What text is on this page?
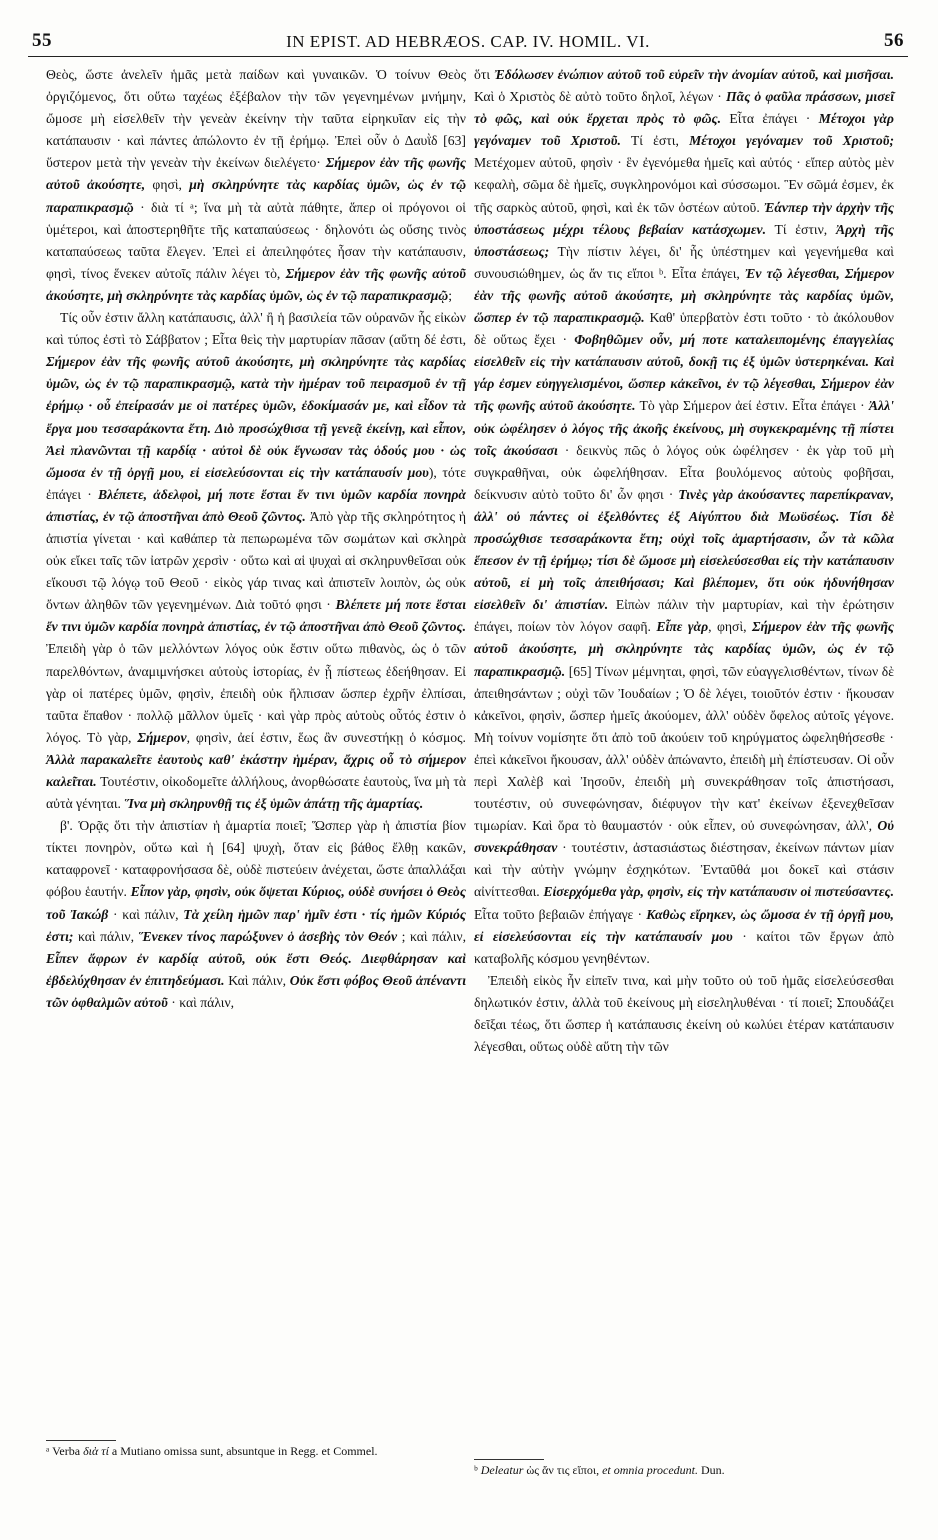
55	IN EPIST. AD HEBRÆOS. CAP. IV. HOMIL. VI.	56

Θεὸς, ὥστε ἀνελεῖν ἡμᾶς μετὰ παίδων καὶ γυναικῶν. Ὁ τοίνυν Θεὸς ὀργιζόμενος, ὅτι οὕτω ταχέως ἐξέβαλον τὴν τῶν γεγενημένων μνήμην, ὤμοσε μὴ εἰσελθεῖν τὴν γενεὰν ἐκείνην τὴν ταῦτα εἰρηκυῖαν εἰς τὴν κατάπαυσιν · καὶ πάντες ἀπώλοντο ἐν τῇ ἐρήμῳ. Ἐπεὶ οὖν ὁ Δαυῒδ [63] ὕστερον μετὰ τὴν γενεὰν τὴν ἐκείνων διελέγετο· Σήμερον ἐὰν τῆς φωνῆς αὐτοῦ ἀκούσητε, φησὶ, μὴ σκληρύνητε τὰς καρδίας ὑμῶν, ὡς ἐν τῷ παραπικρασμῷ · διὰ τί ᵃ; ἵνα μὴ τὰ αὐτὰ πάθητε, ἅπερ οἱ πρόγονοι οἱ ὑμέτεροι, καὶ ἀποστερηθῆτε τῆς καταπαύσεως · δηλονότι ὡς οὔσης τινὸς καταπαύσεως ταῦτα ἔλεγεν. Ἐπεὶ εἰ ἀπειληφότες ἦσαν τὴν κατάπαυσιν, φησὶ, τίνος ἕνεκεν αὐτοῖς πάλιν λέγει τὸ, Σήμερον ἐὰν τῆς φωνῆς αὐτοῦ ἀκούσητε, μὴ σκληρύνητε τὰς καρδίας ὑμῶν, ὡς ἐν τῷ παραπικρασμῷ;

Τίς οὖν ἐστιν ἄλλη κατάπαυσις, ἀλλ' ἢ ἡ βασιλεία τῶν οὐρανῶν ἧς εἰκὼν καὶ τύπος ἐστὶ τὸ Σάββατον ; Εἶτα θεὶς τὴν μαρτυρίαν πᾶσαν (αὕτη δέ ἐστι, Σήμερον ἐὰν τῆς φωνῆς αὐτοῦ ἀκούσητε, μὴ σκληρύνητε τὰς καρδίας ὑμῶν, ὡς ἐν τῷ παραπικρασμῷ, κατὰ τὴν ἡμέραν τοῦ πειρασμοῦ ἐν τῇ ἐρήμῳ · οὗ ἐπείρασάν με οἱ πατέρες ὑμῶν, ἐδοκίμασάν με, καὶ εἶδον τὰ ἔργα μου τεσσαράκοντα ἔτη. Διὸ προσώχθισα τῇ γενεᾷ ἐκείνῃ, καὶ εἶπον, Ἀεὶ πλανῶνται τῇ καρδίᾳ · αὐτοὶ δὲ οὐκ ἔγνωσαν τὰς ὁδούς μου · ὡς ὤμοσα ἐν τῇ ὀργῇ μου, εἰ εἰσελεύσονται εἰς τὴν κατάπαυσίν μου), τότε ἐπάγει · Βλέπετε, ἀδελφοὶ, μή ποτε ἔσται ἔν τινι ὑμῶν καρδία πονηρὰ ἀπιστίας, ἐν τῷ ἀποστῆναι ἀπὸ Θεοῦ ζῶντος. Ἀπὸ γὰρ τῆς σκληρότητος ἡ ἀπιστία γίνεται · καὶ καθάπερ τὰ πεπωρωμένα τῶν σωμάτων καὶ σκληρὰ οὐκ εἴκει ταῖς τῶν ἰατρῶν χερσὶν · οὕτω καὶ αἱ ψυχαὶ αἱ σκληρυνθεῖσαι οὐκ εἴκουσι τῷ λόγῳ τοῦ Θεοῦ · εἰκὸς γάρ τινας καὶ ἀπιστεῖν λοιπὸν, ὡς οὐκ ὄντων ἀληθῶν τῶν γεγενημένων. Διὰ τοῦτό φησι · Βλέπετε μή ποτε ἔσται ἔν τινι ὑμῶν καρδία πονηρὰ ἀπιστίας, ἐν τῷ ἀποστῆναι ἀπὸ Θεοῦ ζῶντος. Ἐπειδὴ γὰρ ὁ τῶν μελλόντων λόγος οὐκ ἔστιν οὕτω πιθανὸς, ὡς ὁ τῶν παρελθόντων, ἀναμιμνήσκει αὐτοὺς ἱστορίας, ἐν ᾗ πίστεως ἐδεήθησαν. Εἰ γὰρ οἱ πατέρες ὑμῶν, φησὶν, ἐπειδὴ οὐκ ἤλπισαν ὥσπερ ἐχρῆν ἐλπίσαι, ταῦτα ἔπαθον · πολλῷ μᾶλλον ὑμεῖς · καὶ γὰρ πρὸς αὐτοὺς οὗτός ἐστιν ὁ λόγος. Τὸ γὰρ, Σήμερον, φησὶν, ἀεί ἐστιν, ἕως ἂν συνεστήκῃ ὁ κόσμος. Ἀλλὰ παρακαλεῖτε ἑαυτοὺς καθ' ἑκάστην ἡμέραν, ἄχρις οὗ τὸ σήμερον καλεῖται. Τουτέστιν, οἰκοδομεῖτε ἀλλήλους, ἀνορθώσατε ἑαυτοὺς, ἵνα μὴ τὰ αὐτὰ γένηται. Ἵνα μὴ σκληρυνθῇ τις ἐξ ὑμῶν ἀπάτῃ τῆς ἁμαρτίας.

β'. Ὁρᾷς ὅτι τὴν ἀπιστίαν ἡ ἁμαρτία ποιεῖ; Ὥσπερ γὰρ ἡ ἀπιστία βίον τίκτει πονηρὸν, οὕτω καὶ ἡ [64] ψυχὴ, ὅταν εἰς βάθος ἔλθῃ κακῶν, καταφρονεῖ · καταφρονήσασα δὲ, οὐδὲ πιστεύειν ἀνέχεται, ὥστε ἀπαλλάξαι φόβου ἑαυτήν. Εἶπον γὰρ, φησὶν, οὐκ ὄψεται Κύριος, οὐδὲ συνήσει ὁ Θεὸς τοῦ Ἰακώβ · καὶ πάλιν, Τὰ χείλη ἡμῶν παρ' ἡμῖν ἐστι · τίς ἡμῶν Κύριός ἐστι; καὶ πάλιν, Ἕνεκεν τίνος παρώξυνεν ὁ ἀσεβὴς τὸν Θεόν ; καὶ πάλιν, Εἶπεν ἄφρων ἐν καρδίᾳ αὐτοῦ, οὐκ ἔστι Θεός. Διεφθάρησαν καὶ ἐβδελύχθησαν ἐν ἐπιτηδεύμασι. Καὶ πάλιν, Οὐκ ἔστι φόβος Θεοῦ ἀπέναντι τῶν ὀφθαλμῶν αὐτοῦ · καὶ πάλιν,

ὅτι Ἐδόλωσεν ἐνώπιον αὐτοῦ τοῦ εὑρεῖν τὴν ἀνομίαν αὐτοῦ, καὶ μισῆσαι. Καὶ ὁ Χριστὸς δὲ αὐτὸ τοῦτο δηλοῖ, λέγων · Πᾶς ὁ φαῦλα πράσσων, μισεῖ τὸ φῶς, καὶ οὐκ ἔρχεται πρὸς τὸ φῶς. Εἶτα ἐπάγει · Μέτοχοι γὰρ γεγόναμεν τοῦ Χριστοῦ. Τί ἐστι, Μέτοχοι γεγόναμεν τοῦ Χριστοῦ; Μετέχομεν αὐτοῦ, φησὶν · ἓν ἐγενόμεθα ἡμεῖς καὶ αὐτός · εἴπερ αὐτὸς μὲν κεφαλὴ, σῶμα δὲ ἡμεῖς, συγκληρονόμοι καὶ σύσσωμοι. Ἓν σῶμά ἐσμεν, ἐκ τῆς σαρκὸς αὐτοῦ, φησὶ, καὶ ἐκ τῶν ὀστέων αὐτοῦ. Ἐάνπερ τὴν ἀρχὴν τῆς ὑποστάσεως μέχρι τέλους βεβαίαν κατάσχωμεν. Τί ἐστιν, Ἀρχὴ τῆς ὑποστάσεως; Τὴν πίστιν λέγει, δι' ἧς ὑπέστημεν καὶ γεγενήμεθα καὶ συνουσιώθημεν, ὡς ἄν τις εἴποι ᵇ. Εἶτα ἐπάγει, Ἐν τῷ λέγεσθαι, Σήμερον ἐὰν τῆς φωνῆς αὐτοῦ ἀκούσητε, μὴ σκληρύνητε τὰς καρδίας ὑμῶν, ὥσπερ ἐν τῷ παραπικρασμῷ. Καθ' ὑπερβατὸν ἐστι τοῦτο · τὸ ἀκόλουθον δὲ οὕτως ἔχει · Φοβηθῶμεν οὖν, μή ποτε καταλειπομένης ἐπαγγελίας εἰσελθεῖν εἰς τὴν κατάπαυσιν αὐτοῦ, δοκῇ τις ἐξ ὑμῶν ὑστερηκέναι. Καὶ γάρ ἐσμεν εὐηγγελισμένοι, ὥσπερ κἀκεῖνοι, ἐν τῷ λέγεσθαι, Σήμερον ἐὰν τῆς φωνῆς αὐτοῦ ἀκούσητε. Τὸ γὰρ Σήμερον ἀεί ἐστιν. Εἶτα ἐπάγει · Ἀλλ' οὐκ ὠφέλησεν ὁ λόγος τῆς ἀκοῆς ἐκείνους, μὴ συγκεκραμένης τῇ πίστει τοῖς ἀκούσασι · δεικνὺς πῶς ὁ λόγος οὐκ ὠφέλησεν · ἐκ γὰρ τοῦ μὴ συγκραθῆναι, οὐκ ὠφελήθησαν. Εἶτα βουλόμενος αὐτοὺς φοβῆσαι, δείκνυσιν αὐτὸ τοῦτο δι' ὧν φησι · Τινὲς γὰρ ἀκούσαντες παρεπίκραναν, ἀλλ' οὐ πάντες οἱ ἐξελθόντες ἐξ Αἰγύπτου διὰ Μωϋσέως. Τίσι δὲ προσώχθισε τεσσαράκοντα ἔτη; οὐχὶ τοῖς ἁμαρτήσασιν, ὧν τὰ κῶλα ἔπεσον ἐν τῇ ἐρήμῳ; τίσι δὲ ὤμοσε μὴ εἰσελεύσεσθαι εἰς τὴν κατάπαυσιν αὐτοῦ, εἰ μὴ τοῖς ἀπειθήσασι; Καὶ βλέπομεν, ὅτι οὐκ ἠδυνήθησαν εἰσελθεῖν δι' ἀπιστίαν. Εἰπὼν πάλιν τὴν μαρτυρίαν, καὶ τὴν ἐρώτησιν ἐπάγει, ποίων τὸν λόγον σαφῆ. Εἶπε γὰρ, φησὶ, Σήμερον ἐὰν τῆς φωνῆς αὐτοῦ ἀκούσητε, μὴ σκληρύνητε τὰς καρδίας ὑμῶν, ὡς ἐν τῷ παραπικρασμῷ. [65] Τίνων μέμνηται, φησὶ, τῶν εὐαγγελισθέντων, τίνων δὲ ἀπειθησάντων ; οὐχὶ τῶν Ἰουδαίων ; Ὁ δὲ λέγει, τοιοῦτόν ἐστιν · ἤκουσαν κἀκεῖνοι, φησὶν, ὥσπερ ἡμεῖς ἀκούομεν, ἀλλ' οὐδὲν ὄφελος αὐτοῖς γέγονε. Μὴ τοίνυν νομίσητε ὅτι ἀπὸ τοῦ ἀκούειν τοῦ κηρύγματος ὠφεληθήσεσθε · ἐπεὶ κἀκεῖνοι ἤκουσαν, ἀλλ' οὐδὲν ἀπώναντο, ἐπειδὴ μὴ ἐπίστευσαν. Οἱ οὖν περὶ Χαλὲβ καὶ Ἰησοῦν, ἐπειδὴ μὴ συνεκράθησαν τοῖς ἀπιστήσασι, τουτέστιν, οὐ συνεφώνησαν, διέφυγον τὴν κατ' ἐκείνων ἐξενεχθεῖσαν τιμωρίαν. Καὶ ὅρα τὸ θαυμαστόν · οὐκ εἶπεν, οὐ συνεφώνησαν, ἀλλ', Οὐ συνεκράθησαν · τουτέστιν, ἀστασιάστως διέστησαν, ἐκείνων πάντων μίαν καὶ τὴν αὐτὴν γνώμην ἐσχηκότων. Ἐνταῦθά μοι δοκεῖ καὶ στάσιν αἰνίττεσθαι. Εἰσερχόμεθα γὰρ, φησὶν, εἰς τὴν κατάπαυσιν οἱ πιστεύσαντες. Εἶτα τοῦτο βεβαιῶν ἐπήγαγε · Καθὼς εἴρηκεν, ὡς ὤμοσα ἐν τῇ ὀργῇ μου, εἰ εἰσελεύσονται εἰς τὴν κατάπαυσίν μου · καίτοι τῶν ἔργων ἀπὸ καταβολῆς κόσμου γενηθέντων.

Ἐπειδὴ εἰκὸς ἦν εἰπεῖν τινα, καὶ μὴν τοῦτο οὐ τοῦ ἡμᾶς εἰσελεύσεσθαι δηλωτικόν ἐστιν, ἀλλὰ τοῦ ἐκείνους μὴ εἰσεληλυθέναι · τί ποιεῖ; Σπουδάζει δεῖξαι τέως, ὅτι ὥσπερ ἡ κατάπαυσις ἐκείνη οὐ κωλύει ἑτέραν κατάπαυσιν λέγεσθαι, οὕτως οὐδὲ αὕτη τὴν τῶν

ᵃ Verba διὰ τί a Mutiano omissa sunt, absuntque in Regg. et Commel.
ᵇ Deleatur ὡς ἄν τις εἴποι, et omnia procedunt. Dun.
